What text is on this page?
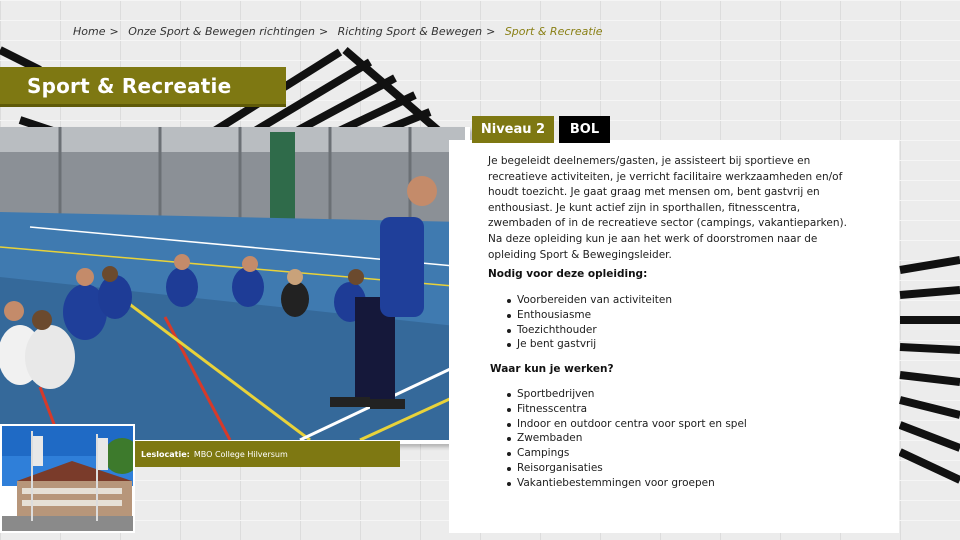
Home > Onze Sport & Bewegen richtingen > Richting Sport & Bewegen > Sport & Recreatie
Sport & Recreatie
Leslocatie: MBO College Hilversum
Niveau 2	BOL

Je begeleidt deelnemers/gasten, je assisteert bij sportieve en recreatieve activiteiten, je verricht facilitaire werkzaamheden en/of houdt toezicht. Je gaat graag met mensen om, bent gastvrij en enthousiast. Je kunt actief zijn in sporthallen, fitnesscentra, zwembaden of in de recreatieve sector (campings, vakantieparken). Na deze opleiding kun je aan het werk of doorstromen naar de opleiding Sport & Bewegingsleider.

Nodig voor deze opleiding:
Voorbereiden van activiteiten
Enthousiasme
Toezichthouder
Je bent gastvrij
Waar kun je werken?
Sportbedrijven
Fitnesscentra
Indoor en outdoor centra voor sport en spel
Zwembaden
Campings
Reisorganisaties
Vakantiebestemmingen voor groepen
